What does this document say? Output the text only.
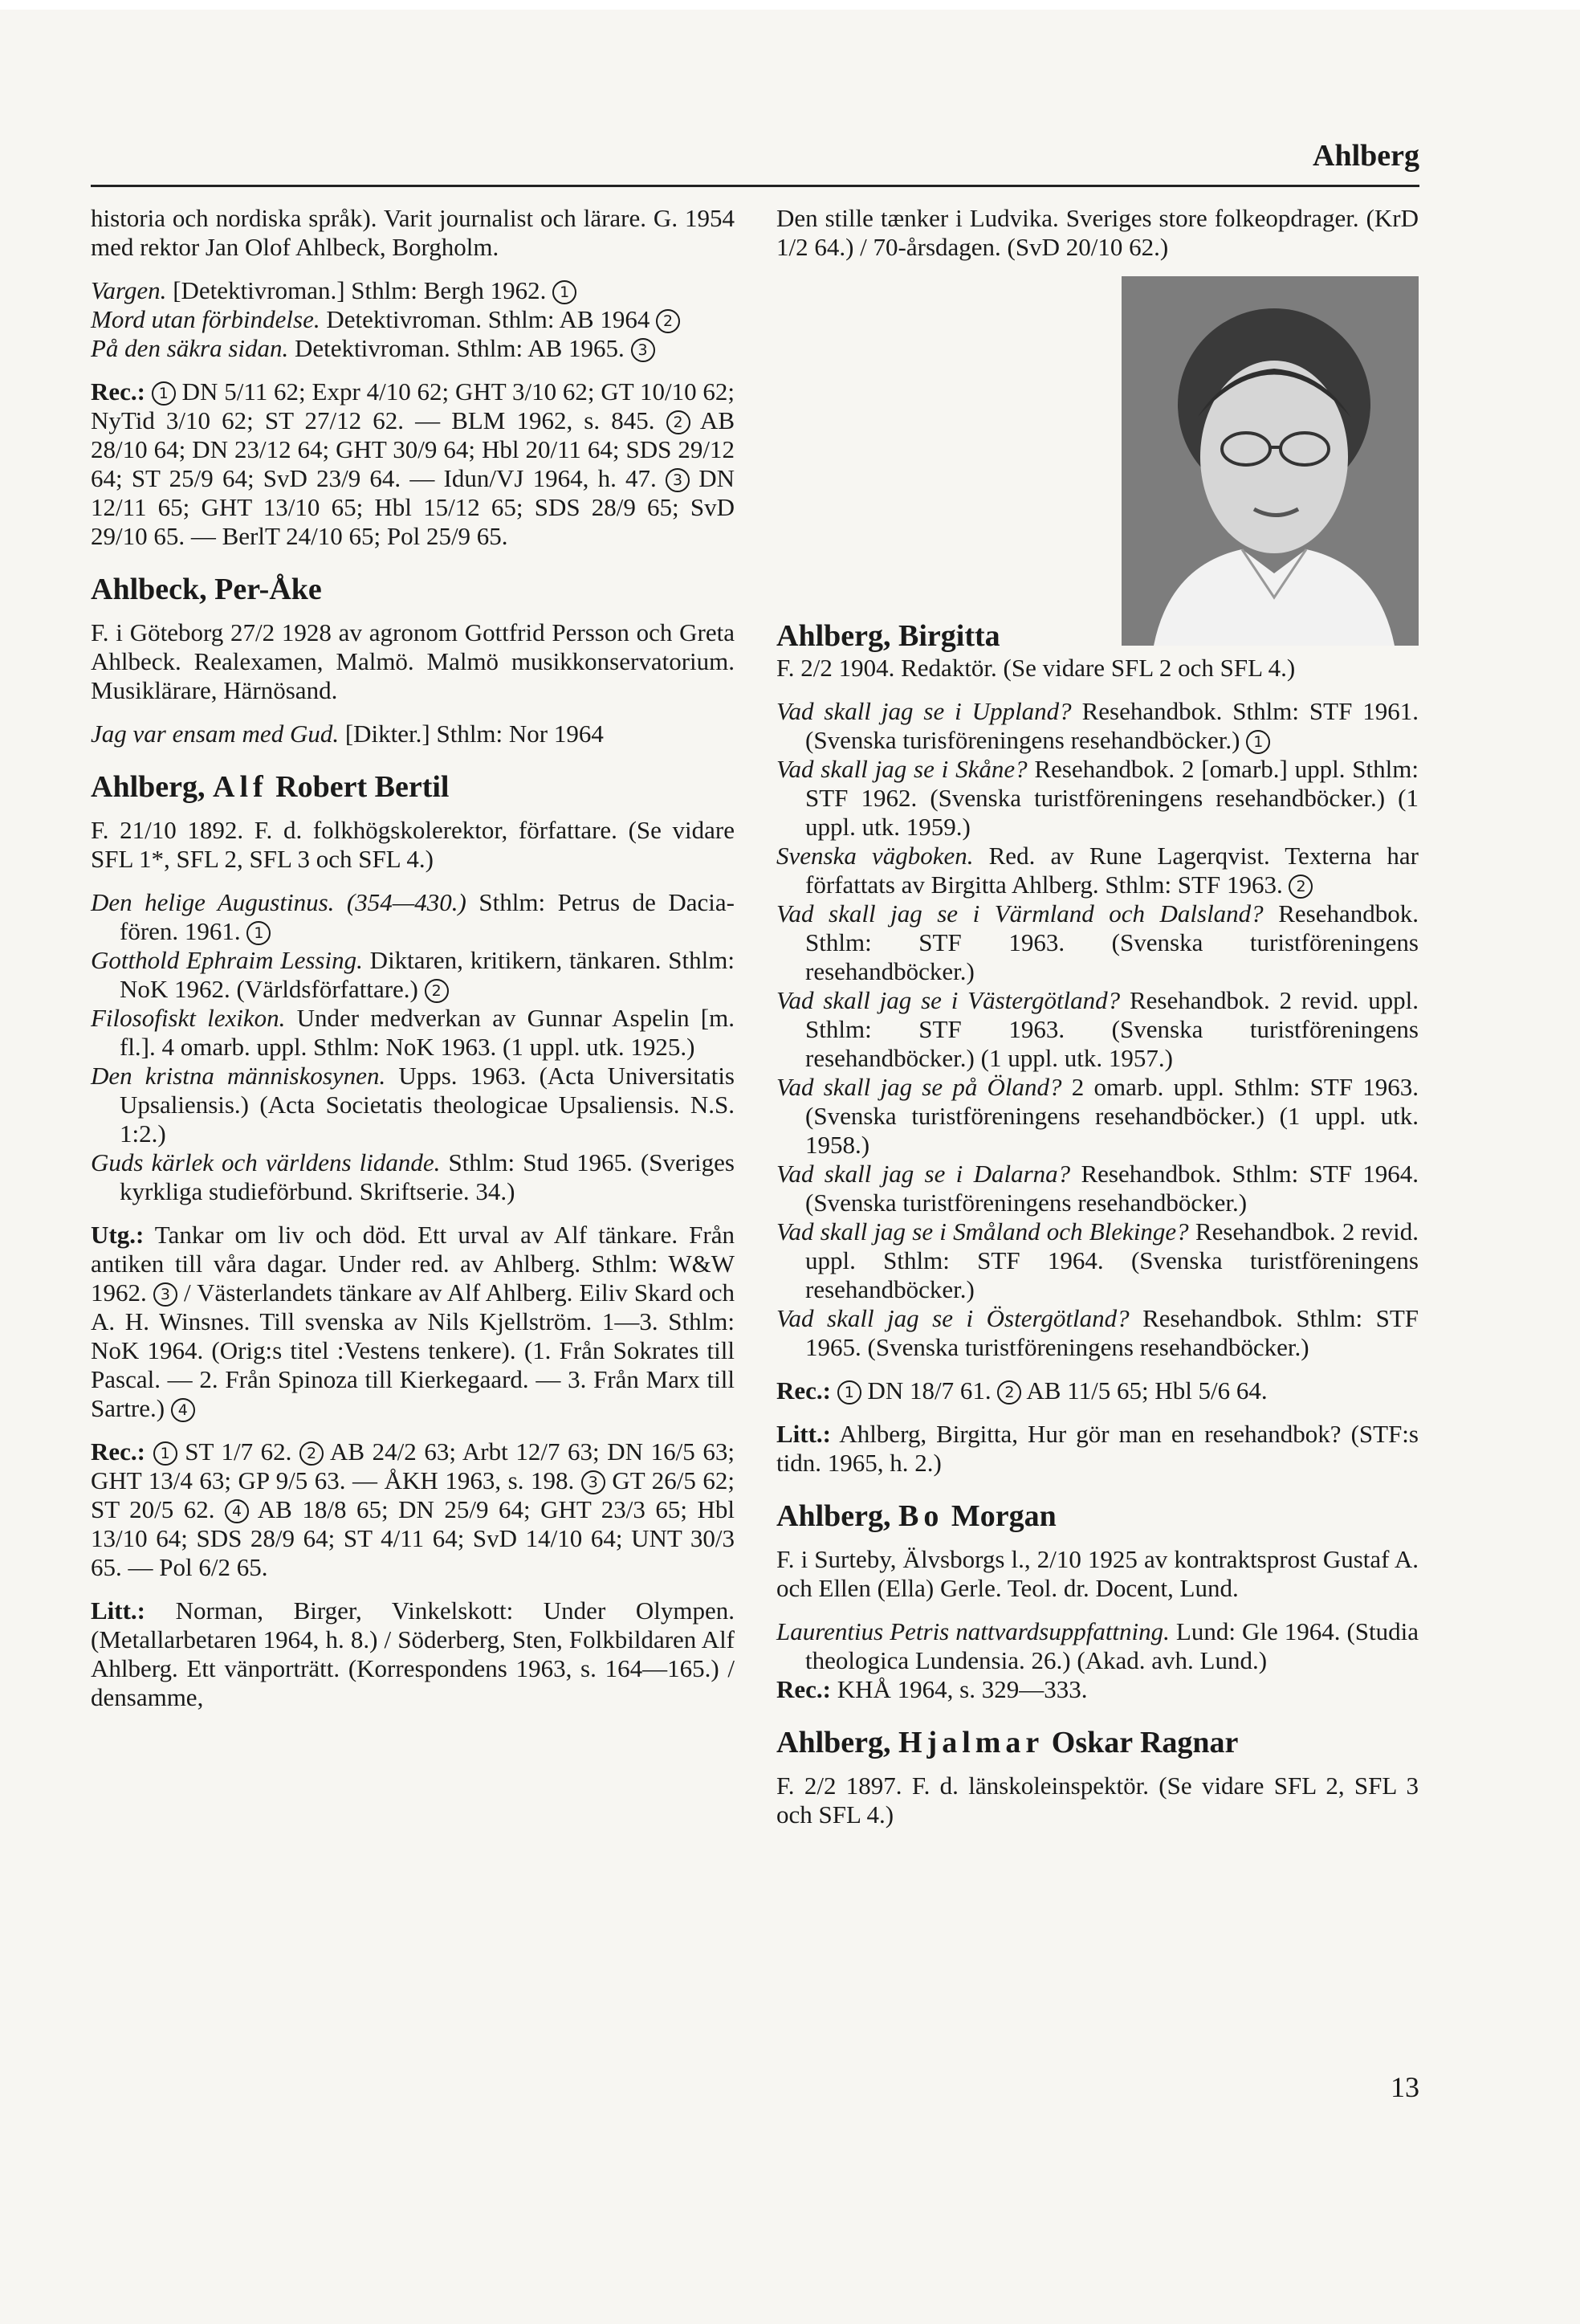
Ahlberg

historia och nordiska språk). Varit journalist och lärare. G. 1954 med rektor Jan Olof Ahlbeck, Borgholm.

Vargen. [Detektivroman.] Sthlm: Bergh 1962. 1

Mord utan förbindelse. Detektivroman. Sthlm: AB 1964 2

På den säkra sidan. Detektivroman. Sthlm: AB 1965. 3

Rec.: 1 DN 5/11 62; Expr 4/10 62; GHT 3/10 62; GT 10/10 62; NyTid 3/10 62; ST 27/12 62. — BLM 1962, s. 845. 2 AB 28/10 64; DN 23/12 64; GHT 30/9 64; Hbl 20/11 64; SDS 29/12 64; ST 25/9 64; SvD 23/9 64. — Idun/VJ 1964, h. 47. 3 DN 12/11 65; GHT 13/10 65; Hbl 15/12 65; SDS 28/9 65; SvD 29/10 65. — BerlT 24/10 65; Pol 25/9 65.

Ahlbeck, Per-Åke

F. i Göteborg 27/2 1928 av agronom Gottfrid Persson och Greta Ahlbeck. Realexamen, Malmö. Malmö musikkonservatorium. Musiklärare, Härnösand.

Jag var ensam med Gud. [Dikter.] Sthlm: Nor 1964

Ahlberg, Alf Robert Bertil

F. 21/10 1892. F. d. folkhögskolerektor, författare. (Se vidare SFL 1*, SFL 2, SFL 3 och SFL 4.)

Den helige Augustinus. (354—430.) Sthlm: Petrus de Dacia-fören. 1961. 1

Gotthold Ephraim Lessing. Diktaren, kritikern, tänkaren. Sthlm: NoK 1962. (Världsförfattare.) 2

Filosofiskt lexikon. Under medverkan av Gunnar Aspelin [m. fl.]. 4 omarb. uppl. Sthlm: NoK 1963. (1 uppl. utk. 1925.)

Den kristna människosynen. Upps. 1963. (Acta Universitatis Upsaliensis.) (Acta Societatis theologicae Upsaliensis. N.S. 1:2.)

Guds kärlek och världens lidande. Sthlm: Stud 1965. (Sveriges kyrkliga studieförbund. Skriftserie. 34.)

Utg.: Tankar om liv och död. Ett urval av Alf tänkare. Från antiken till våra dagar. Under red. av Ahlberg. Sthlm: W&W 1962. 3 / Västerlandets tänkare av Alf Ahlberg. Eiliv Skard och A. H. Winsnes. Till svenska av Nils Kjellström. 1—3. Sthlm: NoK 1964. (Orig:s titel :Vestens tenkere). (1. Från Sokrates till Pascal. — 2. Från Spinoza till Kierkegaard. — 3. Från Marx till Sartre.) 4

Rec.: 1 ST 1/7 62. 2 AB 24/2 63; Arbt 12/7 63; DN 16/5 63; GHT 13/4 63; GP 9/5 63. — ÅKH 1963, s. 198. 3 GT 26/5 62; ST 20/5 62. 4 AB 18/8 65; DN 25/9 64; GHT 23/3 65; Hbl 13/10 64; SDS 28/9 64; ST 4/11 64; SvD 14/10 64; UNT 30/3 65. — Pol 6/2 65.

Litt.: Norman, Birger, Vinkelskott: Under Olympen. (Metallarbetaren 1964, h. 8.) / Söderberg, Sten, Folkbildaren Alf Ahlberg. Ett vänporträtt. (Korrespondens 1963, s. 164—165.) / densamme,

Den stille tænker i Ludvika. Sveriges store folkeopdrager. (KrD 1/2 64.) / 70-årsdagen. (SvD 20/10 62.)

Ahlberg, Birgitta

F. 2/2 1904. Redaktör. (Se vidare SFL 2 och SFL 4.)

Vad skall jag se i Uppland? Resehandbok. Sthlm: STF 1961. (Svenska turisföreningens resehandböcker.) 1

Vad skall jag se i Skåne? Resehandbok. 2 [omarb.] uppl. Sthlm: STF 1962. (Svenska turistföreningens resehandböcker.) (1 uppl. utk. 1959.)

Svenska vägboken. Red. av Rune Lagerqvist. Texterna har författats av Birgitta Ahlberg. Sthlm: STF 1963. 2

Vad skall jag se i Värmland och Dalsland? Resehandbok. Sthlm: STF 1963. (Svenska turistföreningens resehandböcker.)

Vad skall jag se i Västergötland? Resehandbok. 2 revid. uppl. Sthlm: STF 1963. (Svenska turistföreningens resehandböcker.) (1 uppl. utk. 1957.)

Vad skall jag se på Öland? 2 omarb. uppl. Sthlm: STF 1963. (Svenska turistföreningens resehandböcker.) (1 uppl. utk. 1958.)

Vad skall jag se i Dalarna? Resehandbok. Sthlm: STF 1964. (Svenska turistföreningens resehandböcker.)

Vad skall jag se i Småland och Blekinge? Resehandbok. 2 revid. uppl. Sthlm: STF 1964. (Svenska turistföreningens resehandböcker.)

Vad skall jag se i Östergötland? Resehandbok. Sthlm: STF 1965. (Svenska turistföreningens resehandböcker.)

Rec.: 1 DN 18/7 61. 2 AB 11/5 65; Hbl 5/6 64.

Litt.: Ahlberg, Birgitta, Hur gör man en resehandbok? (STF:s tidn. 1965, h. 2.)

Ahlberg, Bo Morgan

F. i Surteby, Älvsborgs l., 2/10 1925 av kontraktsprost Gustaf A. och Ellen (Ella) Gerle. Teol. dr. Docent, Lund.

Laurentius Petris nattvardsuppfattning. Lund: Gle 1964. (Studia theologica Lundensia. 26.) (Akad. avh. Lund.)

Rec.: KHÅ 1964, s. 329—333.

Ahlberg, Hjalmar Oskar Ragnar

F. 2/2 1897. F. d. länskoleinspektör. (Se vidare SFL 2, SFL 3 och SFL 4.)

13
